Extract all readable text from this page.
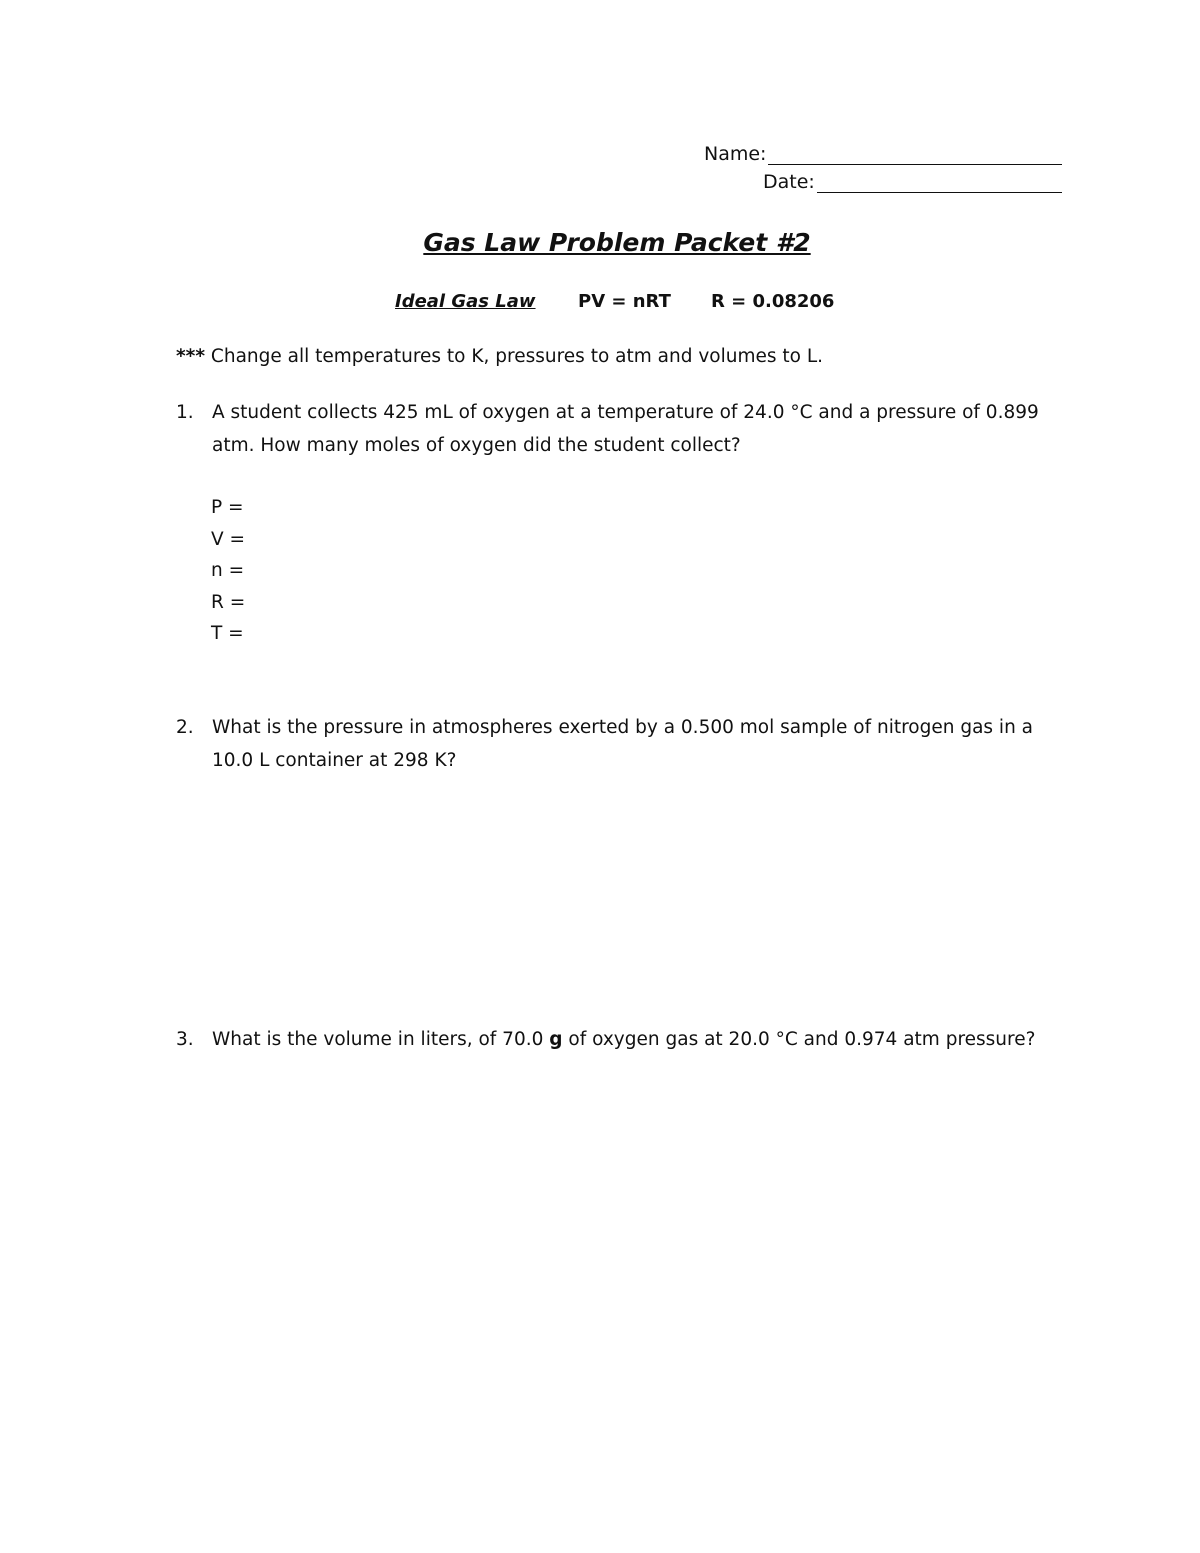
Name:
Date:
Gas Law Problem Packet #2
Ideal Gas Law PV = nRT R = 0.08206
*** Change all temperatures to K, pressures to atm and volumes to L.
1. A student collects 425 mL of oxygen at a temperature of 24.0 °C and a pressure of 0.899 atm. How many moles of oxygen did the student collect?
P =
V =
n =
R =
T =
2. What is the pressure in atmospheres exerted by a 0.500 mol sample of nitrogen gas in a 10.0 L container at 298 K?
3. What is the volume in liters, of 70.0 g of oxygen gas at 20.0 °C and 0.974 atm pressure?
